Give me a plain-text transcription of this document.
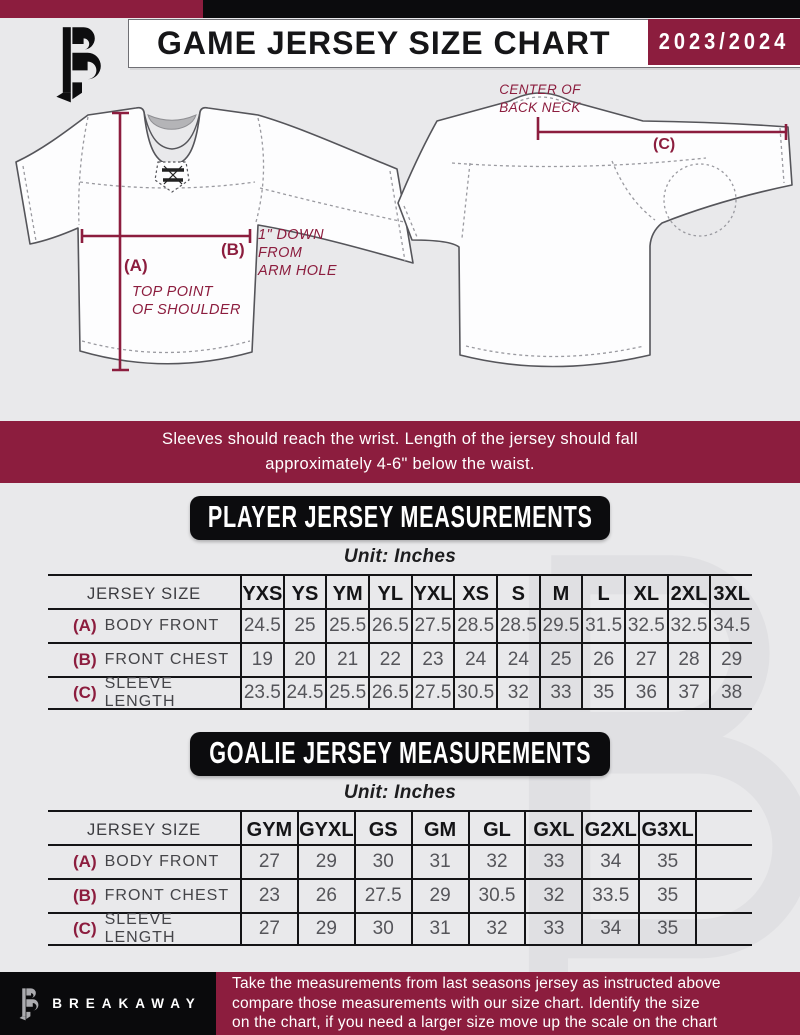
GAME JERSEY SIZE CHART 2023/2024
(A)
TOP POINT
OF SHOULDER
(B)
1" DOWN
FROM
ARM HOLE
CENTER OF
BACK NECK
(C)
Sleeves should reach the wrist. Length of the jersey should fall
approximately 4-6" below the waist.
PLAYER JERSEY MEASUREMENTS
Unit: Inches
JERSEY SIZE YXS YS YM YL YXL XS S M L XL 2XL 3XL
(A) BODY FRONT 24.5 25 25.5 26.5 27.5 28.5 28.5 29.5 31.5 32.5 32.5 34.5
(B) FRONT CHEST 19 20 21 22 23 24 24 25 26 27 28 29
(C) SLEEVE LENGTH	23.5 24.5 25.5 26.5 27.5 30.5 32 33 35 36 37 38
GOALIE JERSEY MEASUREMENTS
Unit: Inches
JERSEY SIZE GYM GYXL GS GM GL GXL G2XL G3XL
(A) BODY FRONT 27 29 30 31 32 33 34 35
(B) FRONT CHEST 23 26 27.5 29 30.5 32 33.5 35
(C) SLEEVE LENGTH	27 29 30 31 32 33 34 35
BREAKAWAY
Take the measurements from last seasons jersey as instructed above
compare those measurements with our size chart. Identify the size
on the chart, if you need a larger size move up the scale on the chart
